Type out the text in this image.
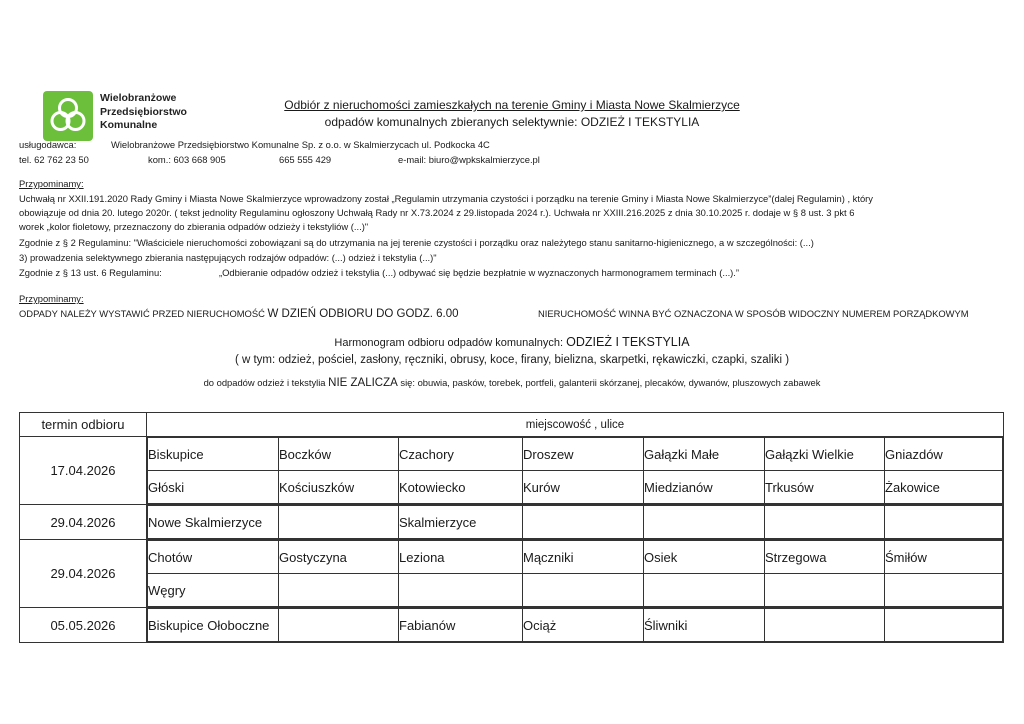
Wielobranżowe
Przedsiębiorstwo
Komunalne
Odbiór z nieruchomości zamieszkałych na terenie Gminy i Miasta Nowe Skalmierzyce
odpadów komunalnych zbieranych selektywnie: ODZIEŻ I TEKSTYLIA
usługodawca:	Wielobranżowe Przedsiębiorstwo Komunalne Sp. z o.o. w Skalmierzycach ul. Podkocka 4C
tel. 62 762 23 50	kom.: 603 668 905	665 555 429	e-mail: biuro@wpkskalmierzyce.pl
Przypominamy:
Uchwałą nr XXII.191.2020 Rady Gminy i Miasta Nowe Skalmierzyce wprowadzony został „Regulamin utrzymania czystości i porządku na terenie Gminy i Miasta Nowe Skalmierzyce”(dalej Regulamin) , który
obowiązuje od dnia 20. lutego 2020r. ( tekst jednolity Regulaminu ogłoszony Uchwałą Rady nr X.73.2024 z 29.listopada 2024 r.). Uchwała nr XXIII.216.2025 z dnia 30.10.2025 r. dodaje w § 8 ust. 3 pkt 6
worek „kolor fioletowy, przeznaczony do zbierania odpadów odzieży i tekstyliów (...)"
Zgodnie z § 2 Regulaminu: "Właściciele nieruchomości zobowiązani są do utrzymania na jej terenie czystości i porządku oraz należytego stanu sanitarno-higienicznego, a w szczególności: (...)
3) prowadzenia selektywnego zbierania następujących rodzajów odpadów: (...) odzież i tekstylia (...)"
Zgodnie z § 13 ust. 6 Regulaminu:	„Odbieranie odpadów odzież i tekstylia (...) odbywać się będzie bezpłatnie w wyznaczonych harmonogramem terminach (...).”
Przypominamy:
ODPADY NALEŻY WYSTAWIĆ PRZED NIERUCHOMOŚĆ W DZIEŃ ODBIORU DO GODZ. 6.00	NIERUCHOMOŚĆ WINNA BYĆ OZNACZONA W SPOSÓB WIDOCZNY NUMEREM PORZĄDKOWYM
Harmonogram odbioru odpadów komunalnych: ODZIEŻ I TEKSTYLIA
( w tym: odzież, pościel, zasłony, ręczniki, obrusy, koce, firany, bielizna, skarpetki, rękawiczki, czapki, szaliki )
do odpadów odzież i tekstylia NIE ZALICZA się: obuwia, pasków, torebek, portfeli, galanterii skórzanej, plecaków, dywanów, pluszowych zabawek
termin odbioru	miejscowość , ulice
17.04.2026	
Biskupice	Boczków	Czachory	Droszew	Gałązki Małe	Gałązki Wielkie	Gniazdów
Głóski	Kościuszków	Kotowiecko	Kurów	Miedzianów	Trkusów	Żakowice

29.04.2026	Nowe Skalmierzyce		Skalmierzyce				

29.04.2026	
Chotów	Gostyczyna	Leziona	Mączniki	Osiek	Strzegowa	Śmiłów
Węgry						

05.05.2026	Biskupice Ołoboczne		Fabianów	Ociąż	Śliwniki		
